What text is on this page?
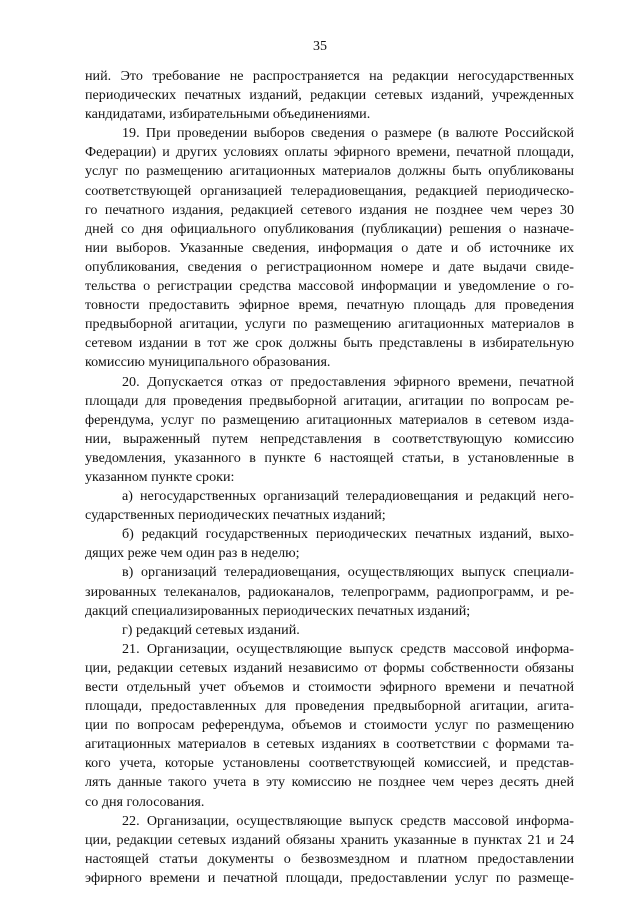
35
ний. Это требование не распространяется на редакции негосударственных
периодических печатных изданий, редакции сетевых изданий, учрежденных
кандидатами, избирательными объединениями.
19. При проведении выборов сведения о размере (в валюте Российской
Федерации) и других условиях оплаты эфирного времени, печатной площади,
услуг по размещению агитационных материалов должны быть опубликованы
соответствующей организацией телерадиовещания, редакцией периодическо-
го печатного издания, редакцией сетевого издания не позднее чем через 30
дней со дня официального опубликования (публикации) решения о назначе-
нии выборов. Указанные сведения, информация о дате и об источнике их
опубликования, сведения о регистрационном номере и дате выдачи свиде-
тельства о регистрации средства массовой информации и уведомление о го-
товности предоставить эфирное время, печатную площадь для проведения
предвыборной агитации, услуги по размещению агитационных материалов в
сетевом издании в тот же срок должны быть представлены в избирательную
комиссию муниципального образования.
20. Допускается отказ от предоставления эфирного времени, печатной
площади для проведения предвыборной агитации, агитации по вопросам ре-
ферендума, услуг по размещению агитационных материалов в сетевом изда-
нии, выраженный путем непредставления в соответствующую комиссию
уведомления, указанного в пункте 6 настоящей статьи, в установленные в
указанном пункте сроки:
а) негосударственных организаций телерадиовещания и редакций него-
сударственных периодических печатных изданий;
б) редакций государственных периодических печатных изданий, выхо-
дящих реже чем один раз в неделю;
в) организаций телерадиовещания, осуществляющих выпуск специали-
зированных телеканалов, радиоканалов, телепрограмм, радиопрограмм, и ре-
дакций специализированных периодических печатных изданий;
г) редакций сетевых изданий.
21. Организации, осуществляющие выпуск средств массовой информа-
ции, редакции сетевых изданий независимо от формы собственности обязаны
вести отдельный учет объемов и стоимости эфирного времени и печатной
площади, предоставленных для проведения предвыборной агитации, агита-
ции по вопросам референдума, объемов и стоимости услуг по размещению
агитационных материалов в сетевых изданиях в соответствии с формами та-
кого учета, которые установлены соответствующей комиссией, и представ-
лять данные такого учета в эту комиссию не позднее чем через десять дней
со дня голосования.
22. Организации, осуществляющие выпуск средств массовой информа-
ции, редакции сетевых изданий обязаны хранить указанные в пунктах 21 и 24
настоящей статьи документы о безвозмездном и платном предоставлении
эфирного времени и печатной площади, предоставлении услуг по размеще-
